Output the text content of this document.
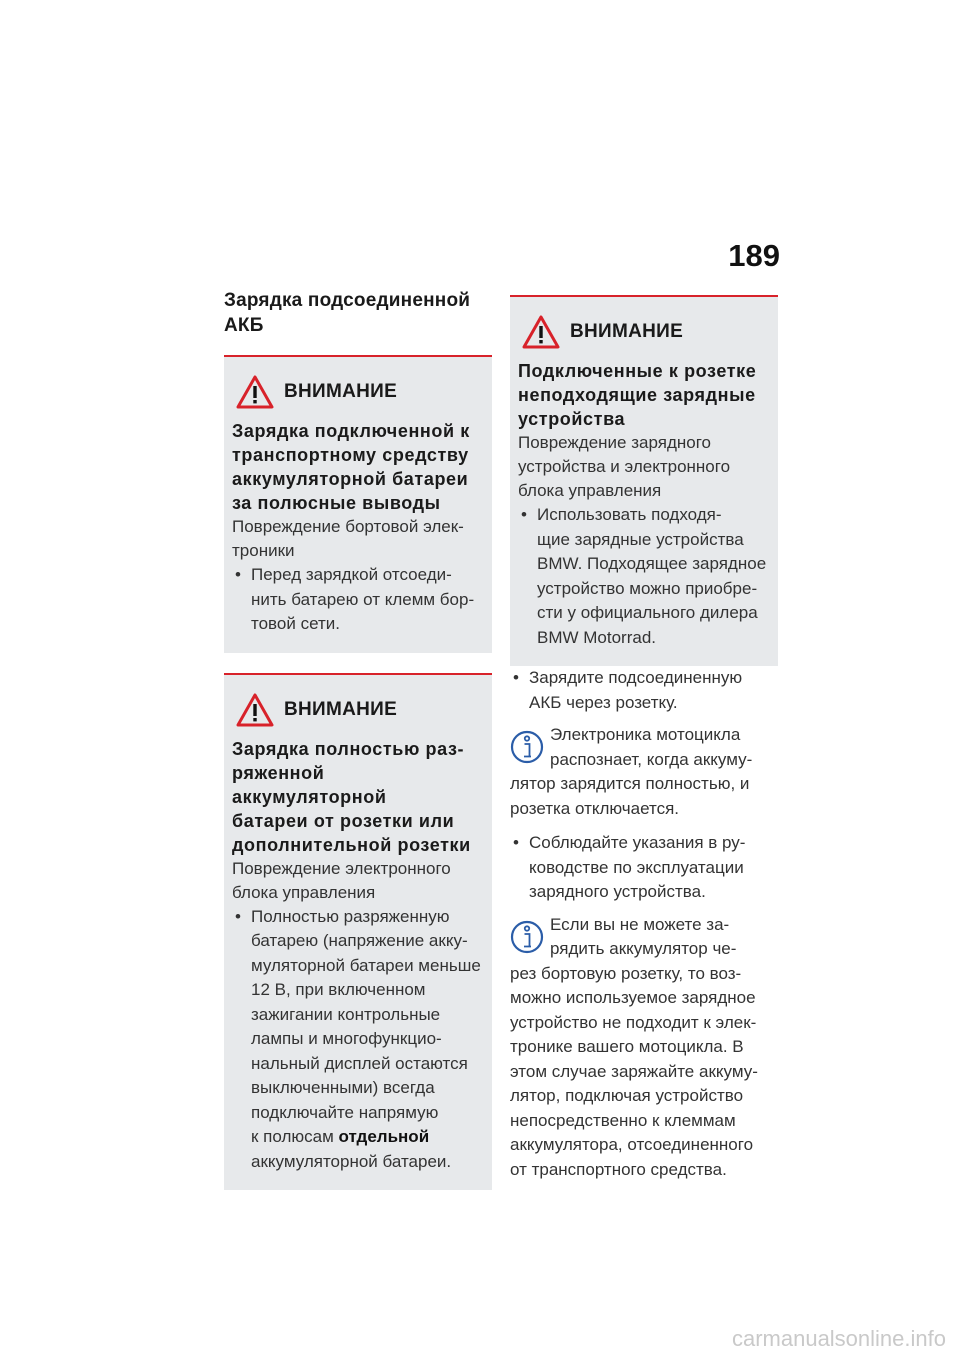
189
Зарядка подсоединенной
АКБ
ВНИМАНИЕ
Зарядка подключенной к
транспортному средству
аккумуляторной батареи
за полюсные выводы
Повреждение бортовой элек-
троники
• Перед зарядкой отсоеди-
нить батарею от клемм бор-
товой сети.
ВНИМАНИЕ
Зарядка полностью раз-
ряженной аккумуляторной
батареи от розетки или
дополнительной розетки
Повреждение электронного
блока управления
• Полностью разряженную
батарею (напряжение акку-
муляторной батареи меньше
12 В, при включенном
зажигании контрольные
лампы и многофункцио-
нальный дисплей остаются
выключенными) всегда
подключайте напрямую
к полюсам отдельной
аккумуляторной батареи.
ВНИМАНИЕ
Подключенные к розетке
неподходящие зарядные
устройства
Повреждение зарядного
устройства и электронного
блока управления
• Использовать подходя-
щие зарядные устройства
BMW. Подходящее зарядное
устройство можно приобре-
сти у официального дилера
BMW Motorrad.
• Зарядите подсоединенную
АКБ через розетку.

Электроника мотоцикла

распознает, когда аккуму-

лятор зарядится полностью, и

розетка отключается.

• Соблюдайте указания в ру-
ководстве по эксплуатации
зарядного устройства.

Если вы не можете за-

рядить аккумулятор че-

рез бортовую розетку, то воз-

можно используемое зарядное

устройство не подходит к элек-

тронике вашего мотоцикла. В

этом случае заряжайте аккуму-

лятор, подключая устройство

непосредственно к клеммам

аккумулятора, отсоединенного

от транспортного средства.

carmanualsonline.info
